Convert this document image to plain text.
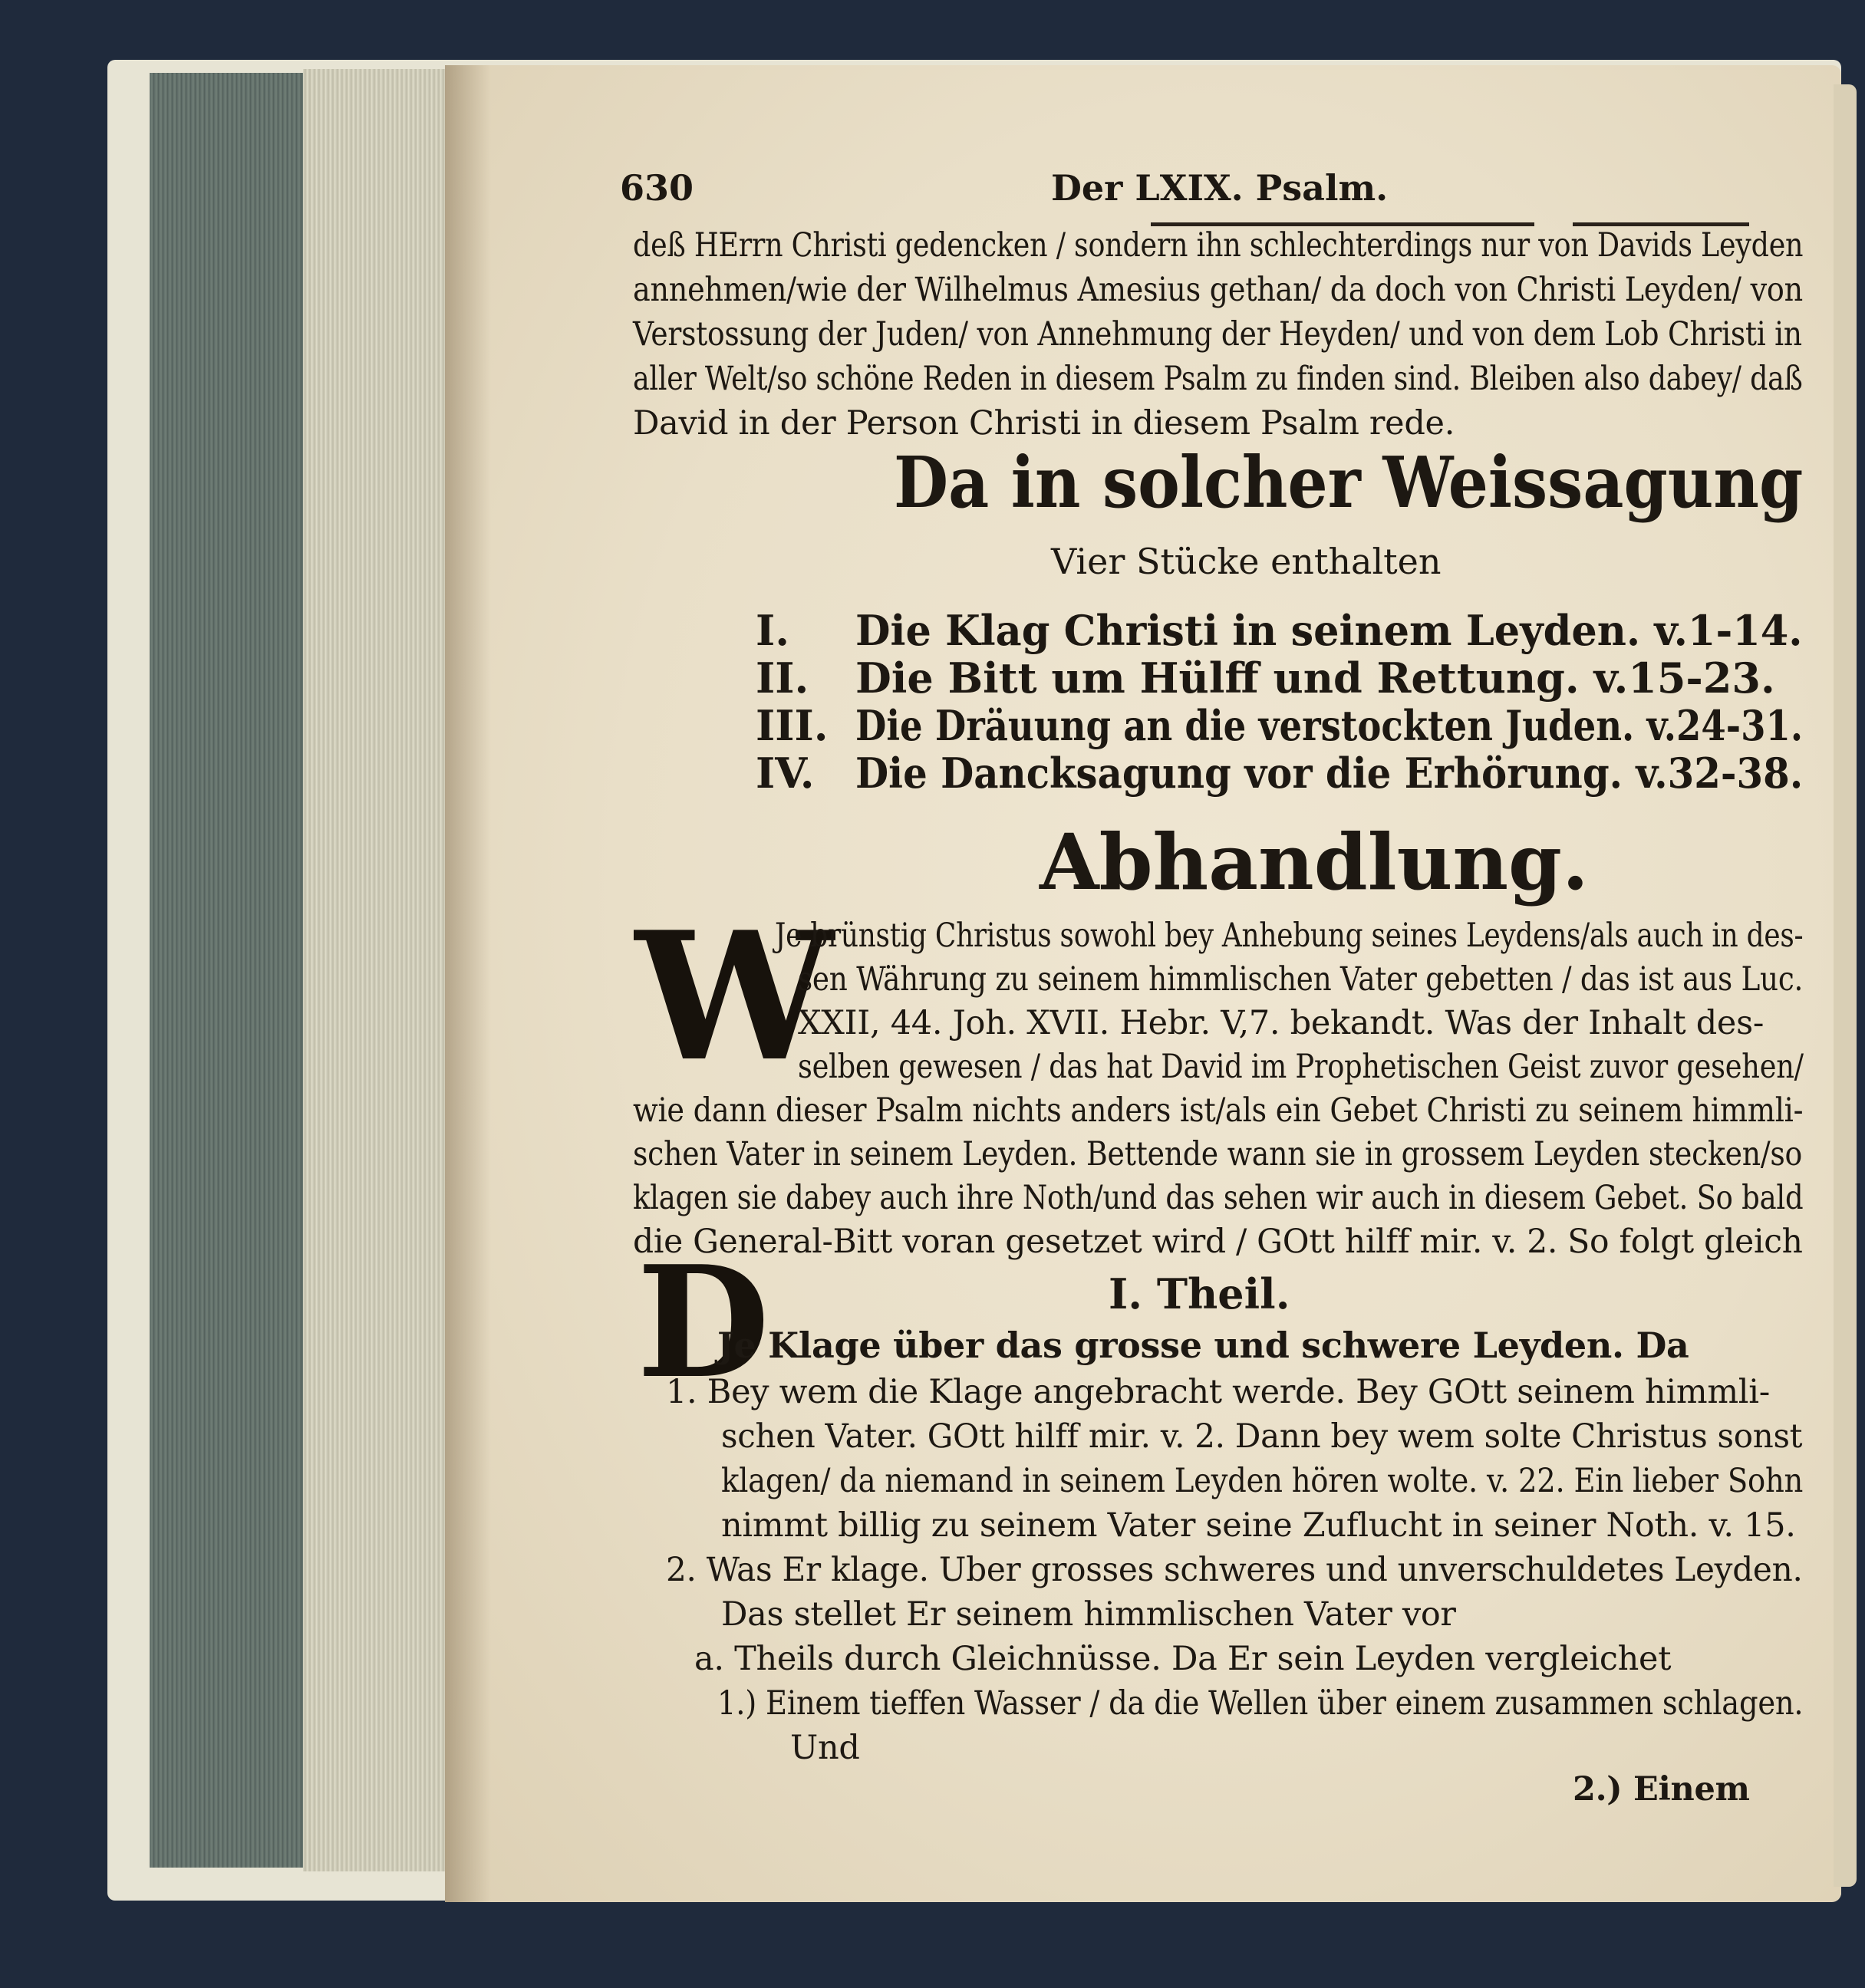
630	Der LXIX. Psalm.
deß HErrn Christi gedencken / sondern ihn schlechterdings nur von Davids Leyden
annehmen/wie der Wilhelmus Amesius gethan/ da doch von Christi Leyden/ von
Verstossung der Juden/ von Annehmung der Heyden/ und von dem Lob Christi in
aller Welt/so schöne Reden in diesem Psalm zu finden sind. Bleiben also dabey/ daß
David in der Person Christi in diesem Psalm rede.
Da in solcher Weissagung
Vier Stücke enthalten
I. Die Klag Christi in seinem Leyden. v.1-14.
II. Die Bitt um Hülff und Rettung. v.15-23.
III. Die Dräuung an die verstockten Juden. v.24-31.
IV. Die Dancksagung vor die Erhörung. v.32-38.
Abhandlung.
W
Je brünstig Christus sowohl bey Anhebung seines Leydens/als auch in des-
sen Währung zu seinem himmlischen Vater gebetten / das ist aus Luc.
XXII, 44. Joh. XVII. Hebr. V,7. bekandt. Was der Inhalt des-
selben gewesen / das hat David im Prophetischen Geist zuvor gesehen/
wie dann dieser Psalm nichts anders ist/als ein Gebet Christi zu seinem himmli-
schen Vater in seinem Leyden. Bettende wann sie in grossem Leyden stecken/so
klagen sie dabey auch ihre Noth/und das sehen wir auch in diesem Gebet. So bald
die General-Bitt voran gesetzet wird / GOtt hilff mir. v. 2. So folgt gleich
D	I. Theil.
Je Klage über das grosse und schwere Leyden. Da
1. Bey wem die Klage angebracht werde. Bey GOtt seinem himmli-
schen Vater. GOtt hilff mir. v. 2. Dann bey wem solte Christus sonst
klagen/ da niemand in seinem Leyden hören wolte. v. 22. Ein lieber Sohn
nimmt billig zu seinem Vater seine Zuflucht in seiner Noth. v. 15.
2. Was Er klage. Uber grosses schweres und unverschuldetes Leyden.
Das stellet Er seinem himmlischen Vater vor
a. Theils durch Gleichnüsse. Da Er sein Leyden vergleichet
1.) Einem tieffen Wasser / da die Wellen über einem zusammen schlagen.
Und
2.) Einem
